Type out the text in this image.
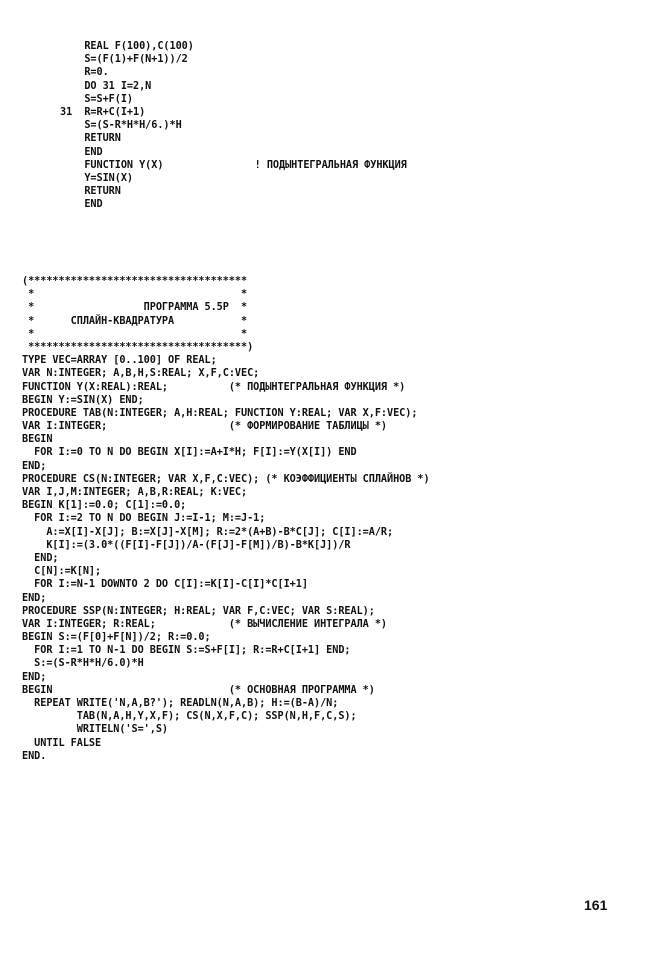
REAL F(100),C(100)
S=(F(1)+F(N+1))/2
R=0.
DO 31 I=2,N
S=S+F(I)
31  R=R+C(I+1)
S=(S-R*H*H/6.)*H
RETURN
END
FUNCTION Y(X)               ! ПОДЫНТЕГРАЛЬНАЯ ФУНКЦИЯ
Y=SIN(X)
RETURN
END
(************************************
*                                  *
*                  ПРОГРАММА 5.5P  *
*      СПЛАЙН-КВАДРАТУРА           *
*                                  *
************************************)
TYPE VEC=ARRAY [0..100] OF REAL;
VAR N:INTEGER; A,B,H,S:REAL; X,F,C:VEC;
FUNCTION Y(X:REAL):REAL;          (* ПОДЫНТЕГРАЛЬНАЯ ФУНКЦИЯ *)
BEGIN Y:=SIN(X) END;
PROCEDURE TAB(N:INTEGER; A,H:REAL; FUNCTION Y:REAL; VAR X,F:VEC);
VAR I:INTEGER;                    (* ФОРМИРОВАНИЕ ТАБЛИЦЫ *)
BEGIN
FOR I:=0 TO N DO BEGIN X[I]:=A+I*H; F[I]:=Y(X[I]) END
END;
PROCEDURE CS(N:INTEGER; VAR X,F,C:VEC); (* КОЭФФИЦИЕНТЫ СПЛАЙНОВ *)
VAR I,J,M:INTEGER; A,B,R:REAL; K:VEC;
BEGIN K[1]:=0.0; C[1]:=0.0;
FOR I:=2 TO N DO BEGIN J:=I-1; M:=J-1;
A:=X[I]-X[J]; B:=X[J]-X[M]; R:=2*(A+B)-B*C[J]; C[I]:=A/R;
K[I]:=(3.0*((F[I]-F[J])/A-(F[J]-F[M])/B)-B*K[J])/R
END;
C[N]:=K[N];
FOR I:=N-1 DOWNTO 2 DO C[I]:=K[I]-C[I]*C[I+1]
END;
PROCEDURE SSP(N:INTEGER; H:REAL; VAR F,C:VEC; VAR S:REAL);
VAR I:INTEGER; R:REAL;            (* ВЫЧИСЛЕНИЕ ИНТЕГРАЛА *)
BEGIN S:=(F[0]+F[N])/2; R:=0.0;
FOR I:=1 TO N-1 DO BEGIN S:=S+F[I]; R:=R+C[I+1] END;
S:=(S-R*H*H/6.0)*H
END;
BEGIN                             (* ОСНОВНАЯ ПРОГРАММА *)
REPEAT WRITE('N,A,B?'); READLN(N,A,B); H:=(B-A)/N;
TAB(N,A,H,Y,X,F); CS(N,X,F,C); SSP(N,H,F,C,S);
WRITELN('S=',S)
UNTIL FALSE
END.
161
